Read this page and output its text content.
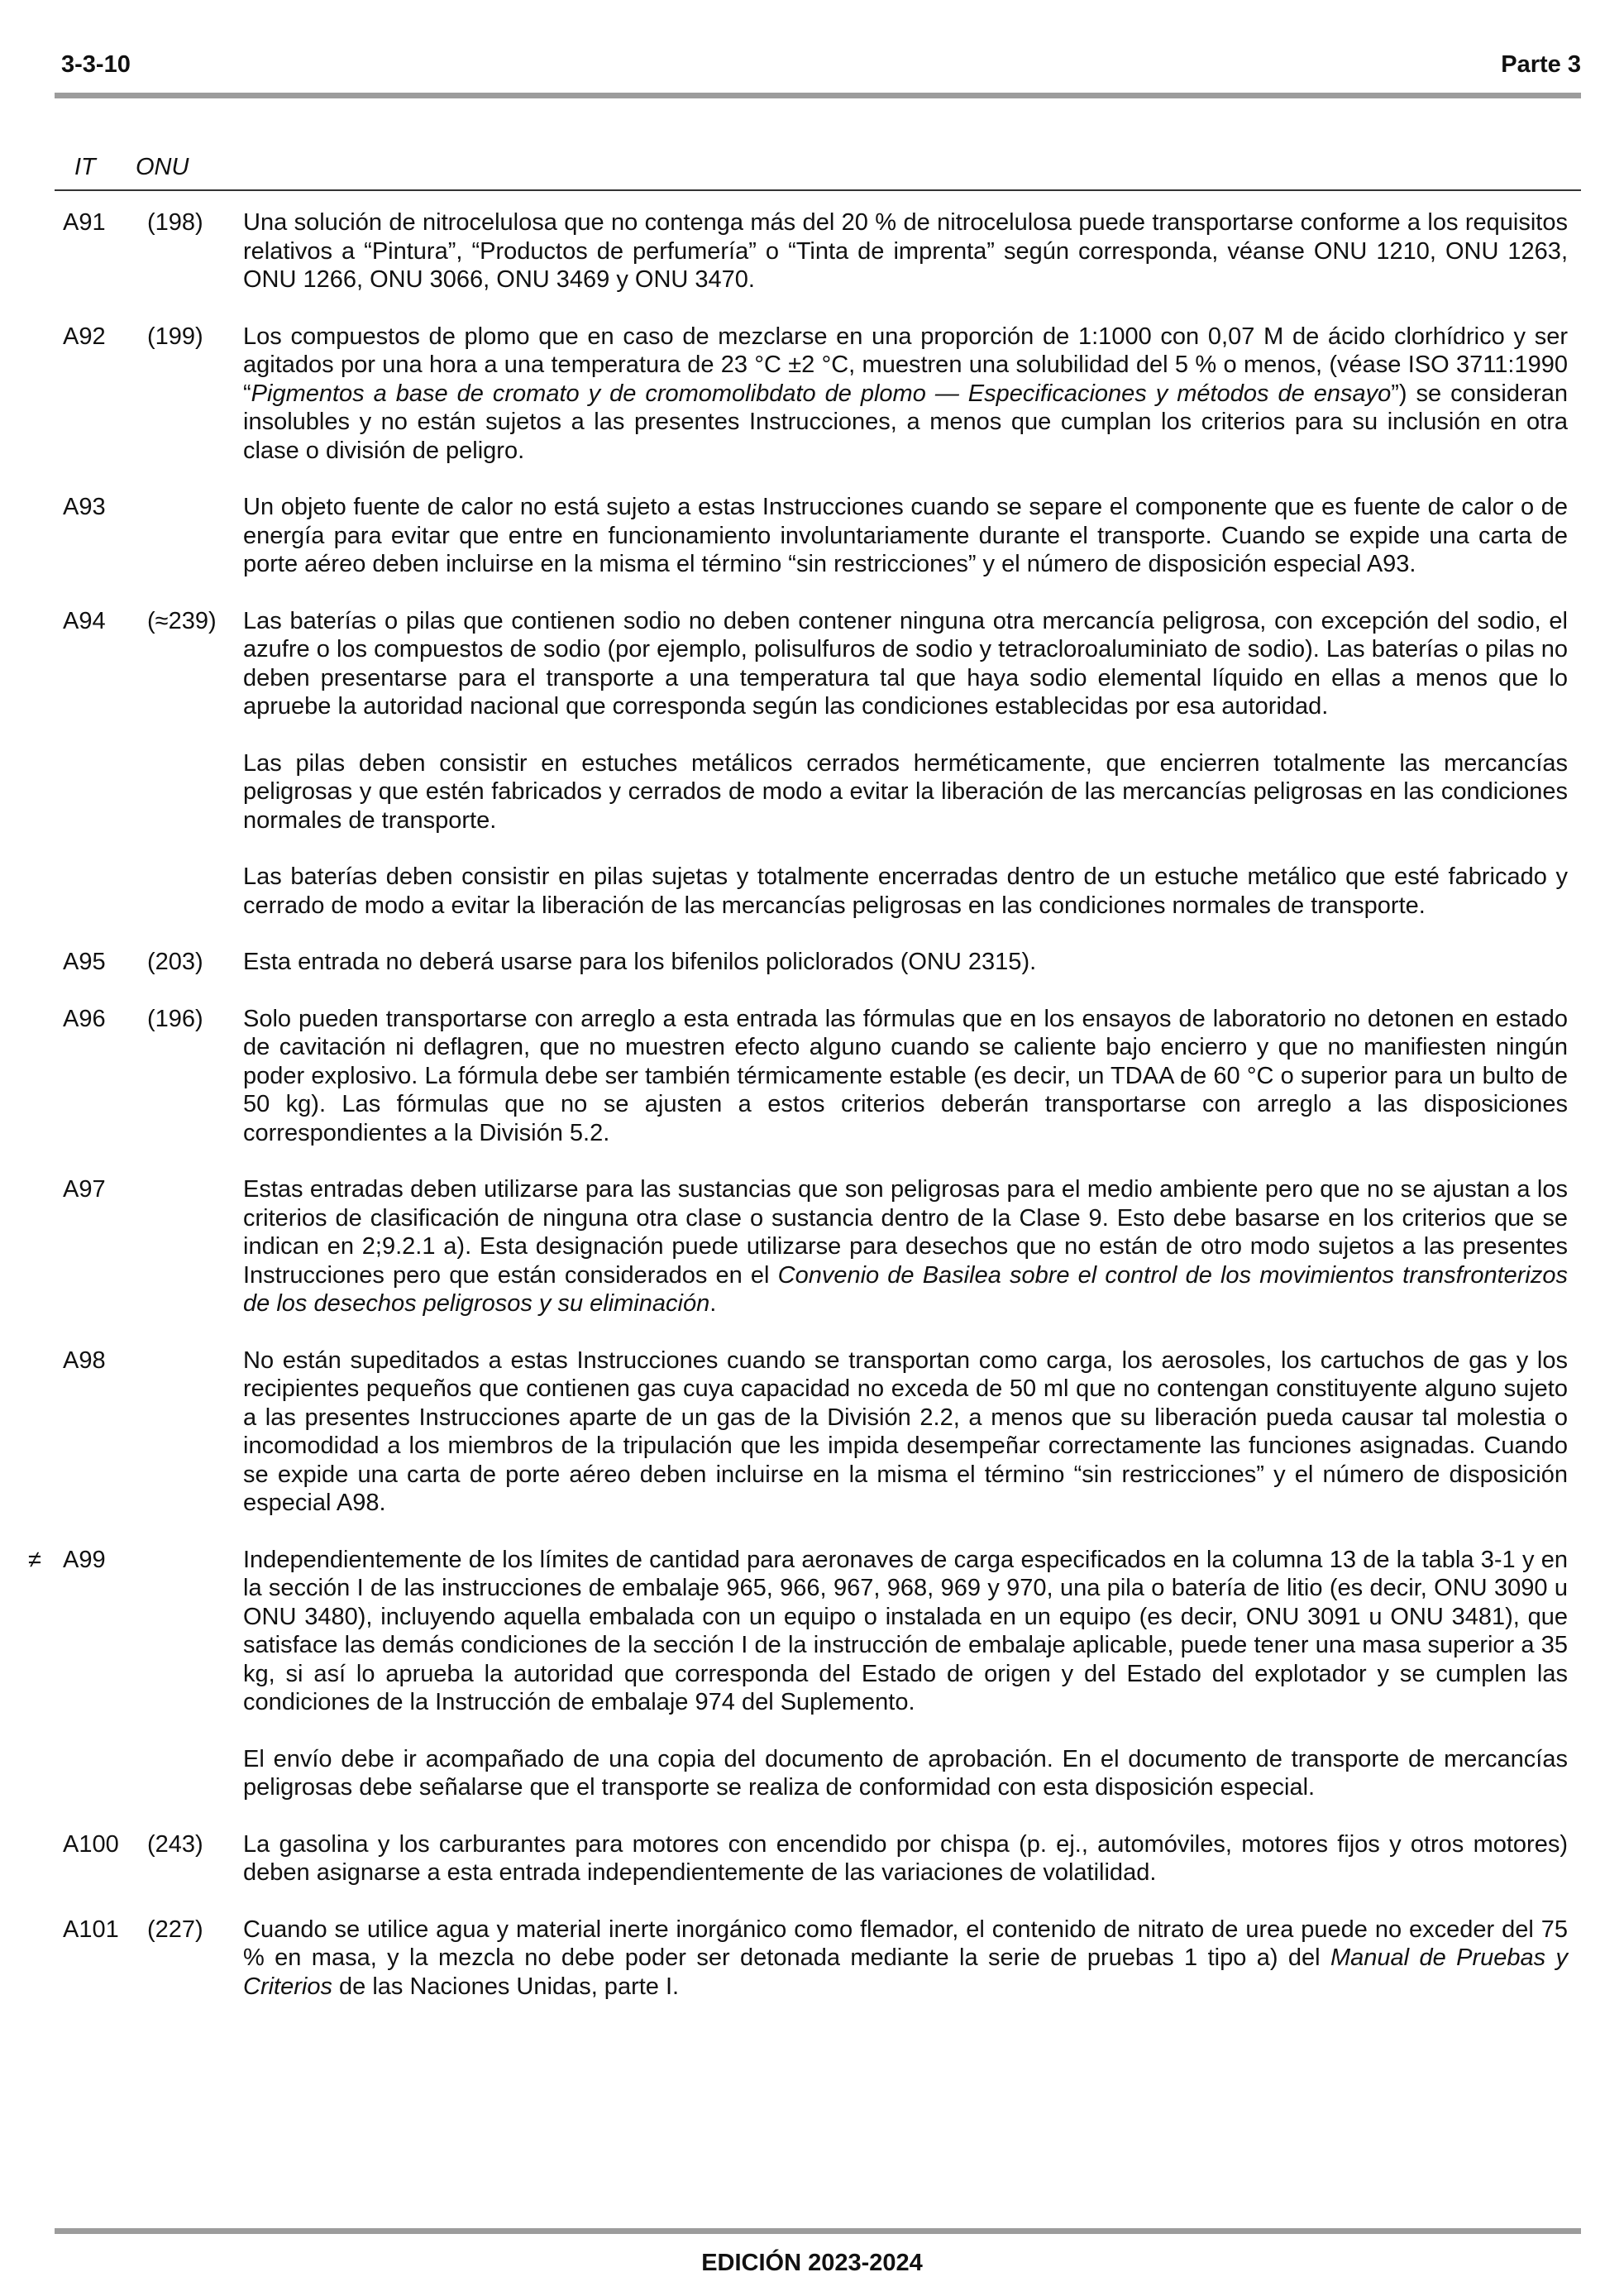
3-3-10	Parte 3
IT ONU
A91 (198) Una solución de nitrocelulosa que no contenga más del 20 % de nitrocelulosa puede transportarse conforme a los requisitos relativos a “Pintura”, “Productos de perfumería” o “Tinta de imprenta” según corresponda, véanse ONU 1210, ONU 1263, ONU 1266, ONU 3066, ONU 3469 y ONU 3470.

A92 (199) Los compuestos de plomo que en caso de mezclarse en una proporción de 1:1000 con 0,07 M de ácido clorhídrico y ser agitados por una hora a una temperatura de 23 °C ±2 °C, muestren una solubilidad del 5 % o menos, (véase ISO 3711:1990 “Pigmentos a base de cromato y de cromomolibdato de plomo — Especificaciones y métodos de ensayo”) se consideran insolubles y no están sujetos a las presentes Instrucciones, a menos que cumplan los criterios para su inclusión en otra clase o división de peligro.

A93	Un objeto fuente de calor no está sujeto a estas Instrucciones cuando se separe el componente que es fuente de calor o de energía para evitar que entre en funcionamiento involuntariamente durante el transporte. Cuando se expide una carta de porte aéreo deben incluirse en la misma el término “sin restricciones” y el número de disposición especial A93.

A94 (≈239) Las baterías o pilas que contienen sodio no deben contener ninguna otra mercancía peligrosa, con excepción del sodio, el azufre o los compuestos de sodio (por ejemplo, polisulfuros de sodio y tetracloroaluminiato de sodio). Las baterías o pilas no deben presentarse para el transporte a una temperatura tal que haya sodio elemental líquido en ellas a menos que lo apruebe la autoridad nacional que corresponda según las condiciones establecidas por esa autoridad.

Las pilas deben consistir en estuches metálicos cerrados herméticamente, que encierren totalmente las mercancías peligrosas y que estén fabricados y cerrados de modo a evitar la liberación de las mercancías peligrosas en las condiciones normales de transporte.

Las baterías deben consistir en pilas sujetas y totalmente encerradas dentro de un estuche metálico que esté fabricado y cerrado de modo a evitar la liberación de las mercancías peligrosas en las condiciones normales de transporte.

A95 (203) Esta entrada no deberá usarse para los bifenilos policlorados (ONU 2315).

A96 (196) Solo pueden transportarse con arreglo a esta entrada las fórmulas que en los ensayos de laboratorio no detonen en estado de cavitación ni deflagren, que no muestren efecto alguno cuando se caliente bajo encierro y que no manifiesten ningún poder explosivo. La fórmula debe ser también térmicamente estable (es decir, un TDAA de 60 °C o superior para un bulto de 50 kg). Las fórmulas que no se ajusten a estos criterios deberán transportarse con arreglo a las disposiciones correspondientes a la División 5.2.

A97	Estas entradas deben utilizarse para las sustancias que son peligrosas para el medio ambiente pero que no se ajustan a los criterios de clasificación de ninguna otra clase o sustancia dentro de la Clase 9. Esto debe basarse en los criterios que se indican en 2;9.2.1 a). Esta designación puede utilizarse para desechos que no están de otro modo sujetos a las presentes Instrucciones pero que están considerados en el Convenio de Basilea sobre el control de los movimientos transfronterizos de los desechos peligrosos y su eliminación.

A98	No están supeditados a estas Instrucciones cuando se transportan como carga, los aerosoles, los cartuchos de gas y los recipientes pequeños que contienen gas cuya capacidad no exceda de 50 ml que no contengan constituyente alguno sujeto a las presentes Instrucciones aparte de un gas de la División 2.2, a menos que su liberación pueda causar tal molestia o incomodidad a los miembros de la tripulación que les impida desempeñar correctamente las funciones asignadas. Cuando se expide una carta de porte aéreo deben incluirse en la misma el término “sin restricciones” y el número de disposición especial A98.

≠ A99	Independientemente de los límites de cantidad para aeronaves de carga especificados en la columna 13 de la tabla 3-1 y en la sección I de las instrucciones de embalaje 965, 966, 967, 968, 969 y 970, una pila o batería de litio (es decir, ONU 3090 u ONU 3480), incluyendo aquella embalada con un equipo o instalada en un equipo (es decir, ONU 3091 u ONU 3481), que satisface las demás condiciones de la sección I de la instrucción de embalaje aplicable, puede tener una masa superior a 35 kg, si así lo aprueba la autoridad que corresponda del Estado de origen y del Estado del explotador y se cumplen las condiciones de la Instrucción de embalaje 974 del Suplemento.

El envío debe ir acompañado de una copia del documento de aprobación. En el documento de transporte de mercancías peligrosas debe señalarse que el transporte se realiza de conformidad con esta disposición especial.

A100 (243) La gasolina y los carburantes para motores con encendido por chispa (p. ej., automóviles, motores fijos y otros motores) deben asignarse a esta entrada independientemente de las variaciones de volatilidad.

A101 (227) Cuando se utilice agua y material inerte inorgánico como flemador, el contenido de nitrato de urea puede no exceder del 75 % en masa, y la mezcla no debe poder ser detonada mediante la serie de pruebas 1 tipo a) del Manual de Pruebas y Criterios de las Naciones Unidas, parte I.

EDICIÓN 2023-2024
